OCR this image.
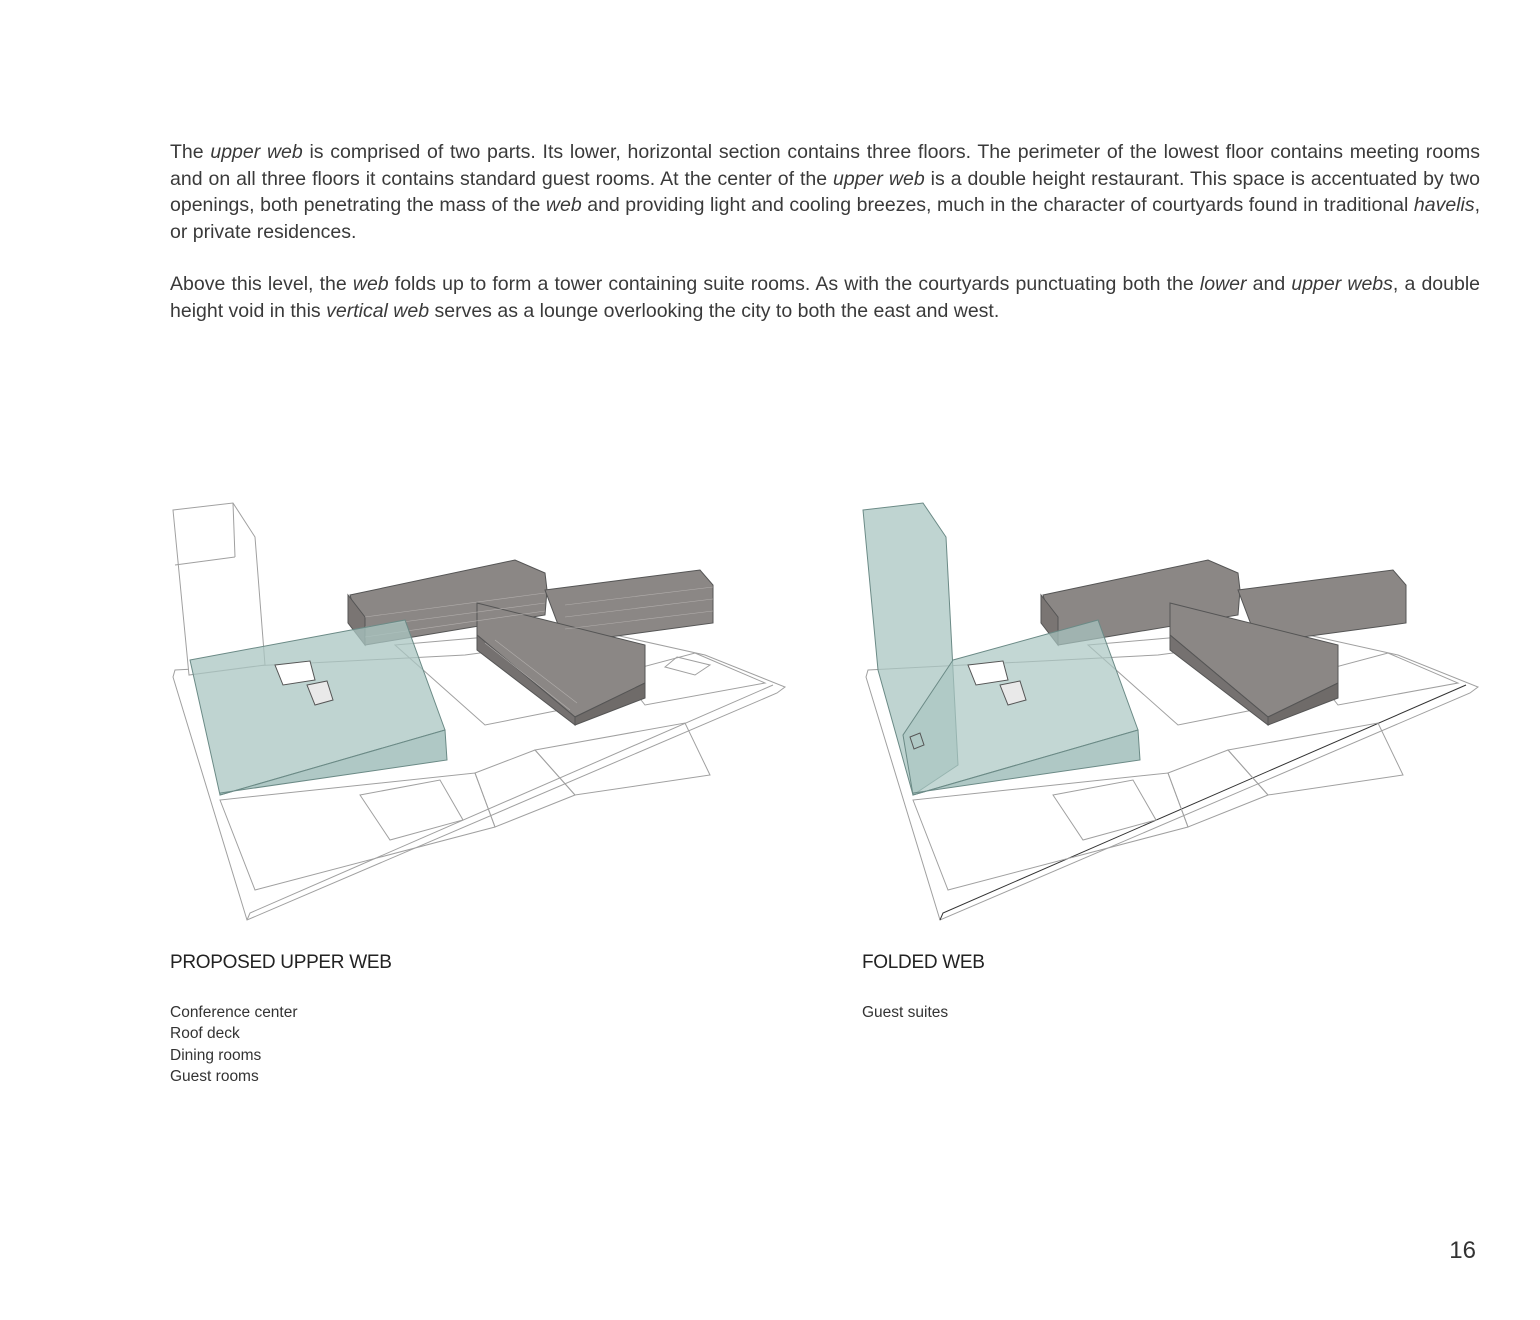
The upper web is comprised of two parts. Its lower, horizontal section contains three floors. The perimeter of the lowest floor contains meeting rooms and on all three floors it contains standard guest rooms. At the center of the upper web is a double height restaurant. This space is accentuated by two openings, both penetrating the mass of the web and providing light and cooling breezes, much in the character of courtyards found in traditional havelis, or private residences.

Above this level, the web folds up to form a tower containing suite rooms. As with the courtyards punctuating both the lower and upper webs, a double height void in this vertical web serves as a lounge overlooking the city to both the east and west.

PROPOSED UPPER WEB
Conference center
Roof deck
Dining rooms
Guest rooms
FOLDED WEB
Guest suites
16
